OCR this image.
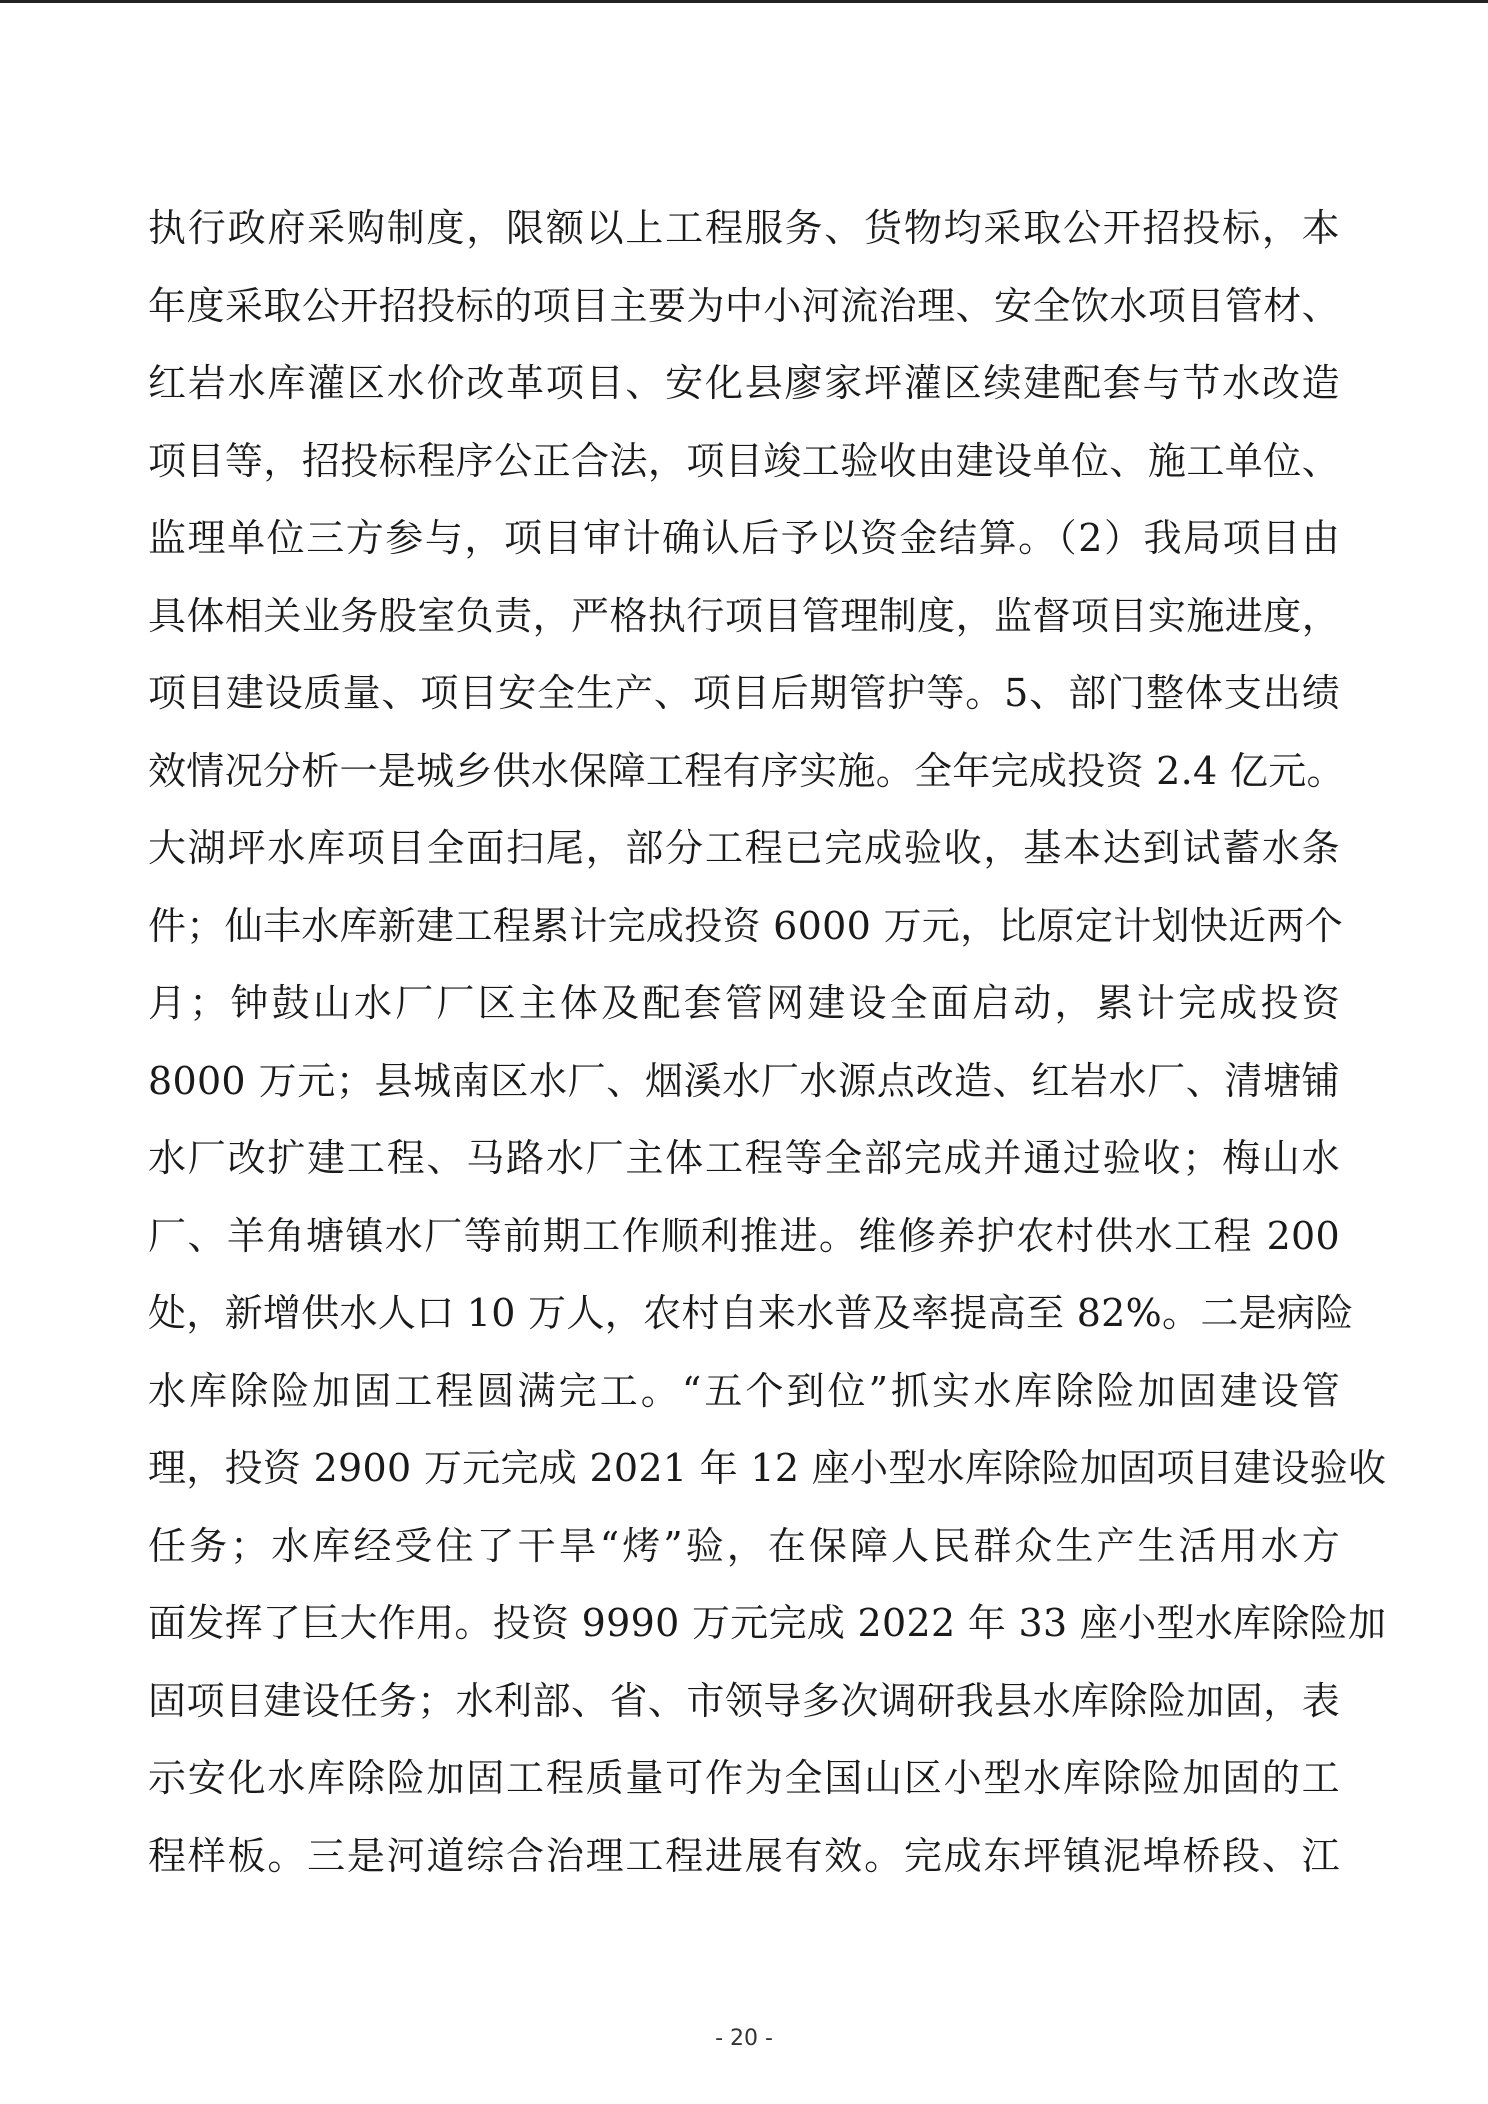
执行政府采购制度，限额以上工程服务、货物均采取公开招投标，本
年度采取公开招投标的项目主要为中小河流治理、安全饮水项目管材、
红岩水库灌区水价改革项目、安化县廖家坪灌区续建配套与节水改造
项目等，招投标程序公正合法，项目竣工验收由建设单位、施工单位、
监理单位三方参与，项目审计确认后予以资金结算。（2）我局项目由
具体相关业务股室负责，严格执行项目管理制度，监督项目实施进度，
项目建设质量、项目安全生产、项目后期管护等。5、部门整体支出绩
效情况分析一是城乡供水保障工程有序实施。全年完成投资 2.4 亿元。
大湖坪水库项目全面扫尾，部分工程已完成验收，基本达到试蓄水条
件；仙丰水库新建工程累计完成投资 6000 万元，比原定计划快近两个
月；钟鼓山水厂厂区主体及配套管网建设全面启动，累计完成投资
8000 万元；县城南区水厂、烟溪水厂水源点改造、红岩水厂、清塘铺
水厂改扩建工程、马路水厂主体工程等全部完成并通过验收；梅山水
厂、羊角塘镇水厂等前期工作顺利推进。维修养护农村供水工程 200
处，新增供水人口 10 万人，农村自来水普及率提高至 82%。二是病险
水库除险加固工程圆满完工。“五个到位”抓实水库除险加固建设管
理，投资 2900 万元完成 2021 年 12 座小型水库除险加固项目建设验收
任务；水库经受住了干旱“烤”验，在保障人民群众生产生活用水方
面发挥了巨大作用。投资 9990 万元完成 2022 年 33 座小型水库除险加
固项目建设任务；水利部、省、市领导多次调研我县水库除险加固，表
示安化水库除险加固工程质量可作为全国山区小型水库除险加固的工
程样板。三是河道综合治理工程进展有效。完成东坪镇泥埠桥段、江
- 20 -
